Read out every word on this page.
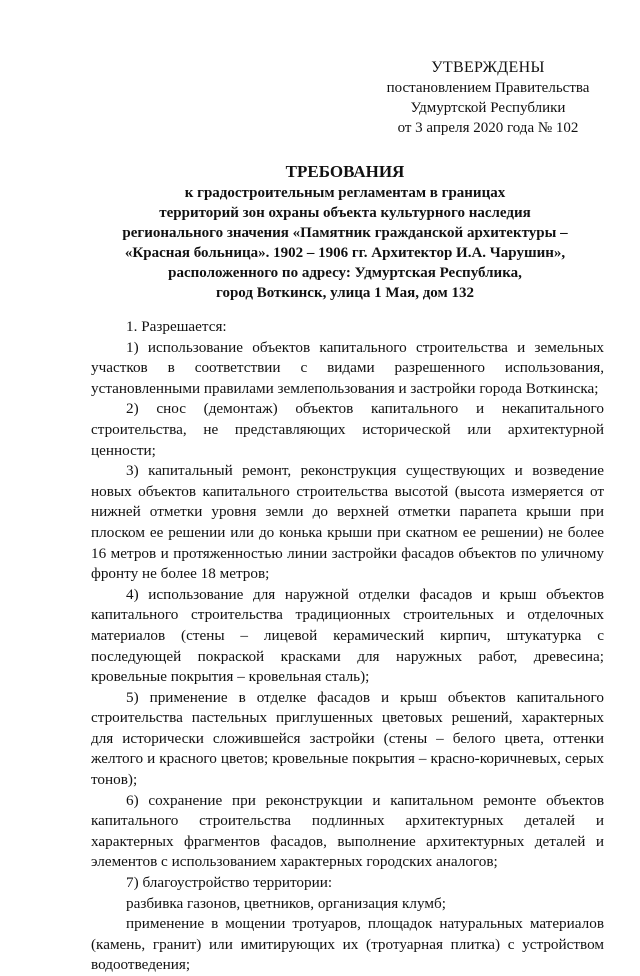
УТВЕРЖДЕНЫ
постановлением Правительства
Удмуртской Республики
от 3 апреля 2020 года № 102
ТРЕБОВАНИЯ
к градостроительным регламентам в границах
территорий зон охраны объекта культурного наследия
регионального значения «Памятник гражданской архитектуры –
«Красная больница». 1902 – 1906 гг. Архитектор И.А. Чарушин»,
расположенного по адресу: Удмуртская Республика,
город Воткинск, улица 1 Мая, дом 132

1. Разрешается:

1) использование объектов капитального строительства и земельных участков в соответствии с видами разрешенного использования, установленными правилами землепользования и застройки города Воткинска;

2) снос (демонтаж) объектов капитального и некапитального строительства, не представляющих исторической или архитектурной ценности;

3) капитальный ремонт, реконструкция существующих и возведение новых объектов капитального строительства высотой (высота измеряется от нижней отметки уровня земли до верхней отметки парапета крыши при плоском ее решении или до конька крыши при скатном ее решении) не более 16 метров и протяженностью линии застройки фасадов объектов по уличному фронту не более 18 метров;

4) использование для наружной отделки фасадов и крыш объектов капитального строительства традиционных строительных и отделочных материалов (стены – лицевой керамический кирпич, штукатурка с последующей покраской красками для наружных работ, древесина; кровельные покрытия – кровельная сталь);

5) применение в отделке фасадов и крыш объектов капитального строительства пастельных приглушенных цветовых решений, характерных для исторически сложившейся застройки (стены – белого цвета, оттенки желтого и красного цветов; кровельные покрытия – красно-коричневых, серых тонов);

6) сохранение при реконструкции и капитальном ремонте объектов капитального строительства подлинных архитектурных деталей и характерных фрагментов фасадов, выполнение архитектурных деталей и элементов с использованием характерных городских аналогов;

7) благоустройство территории:

разбивка газонов, цветников, организация клумб;

применение в мощении тротуаров, площадок натуральных материалов (камень, гранит) или имитирующих их (тротуарная плитка) с устройством водоотведения;
